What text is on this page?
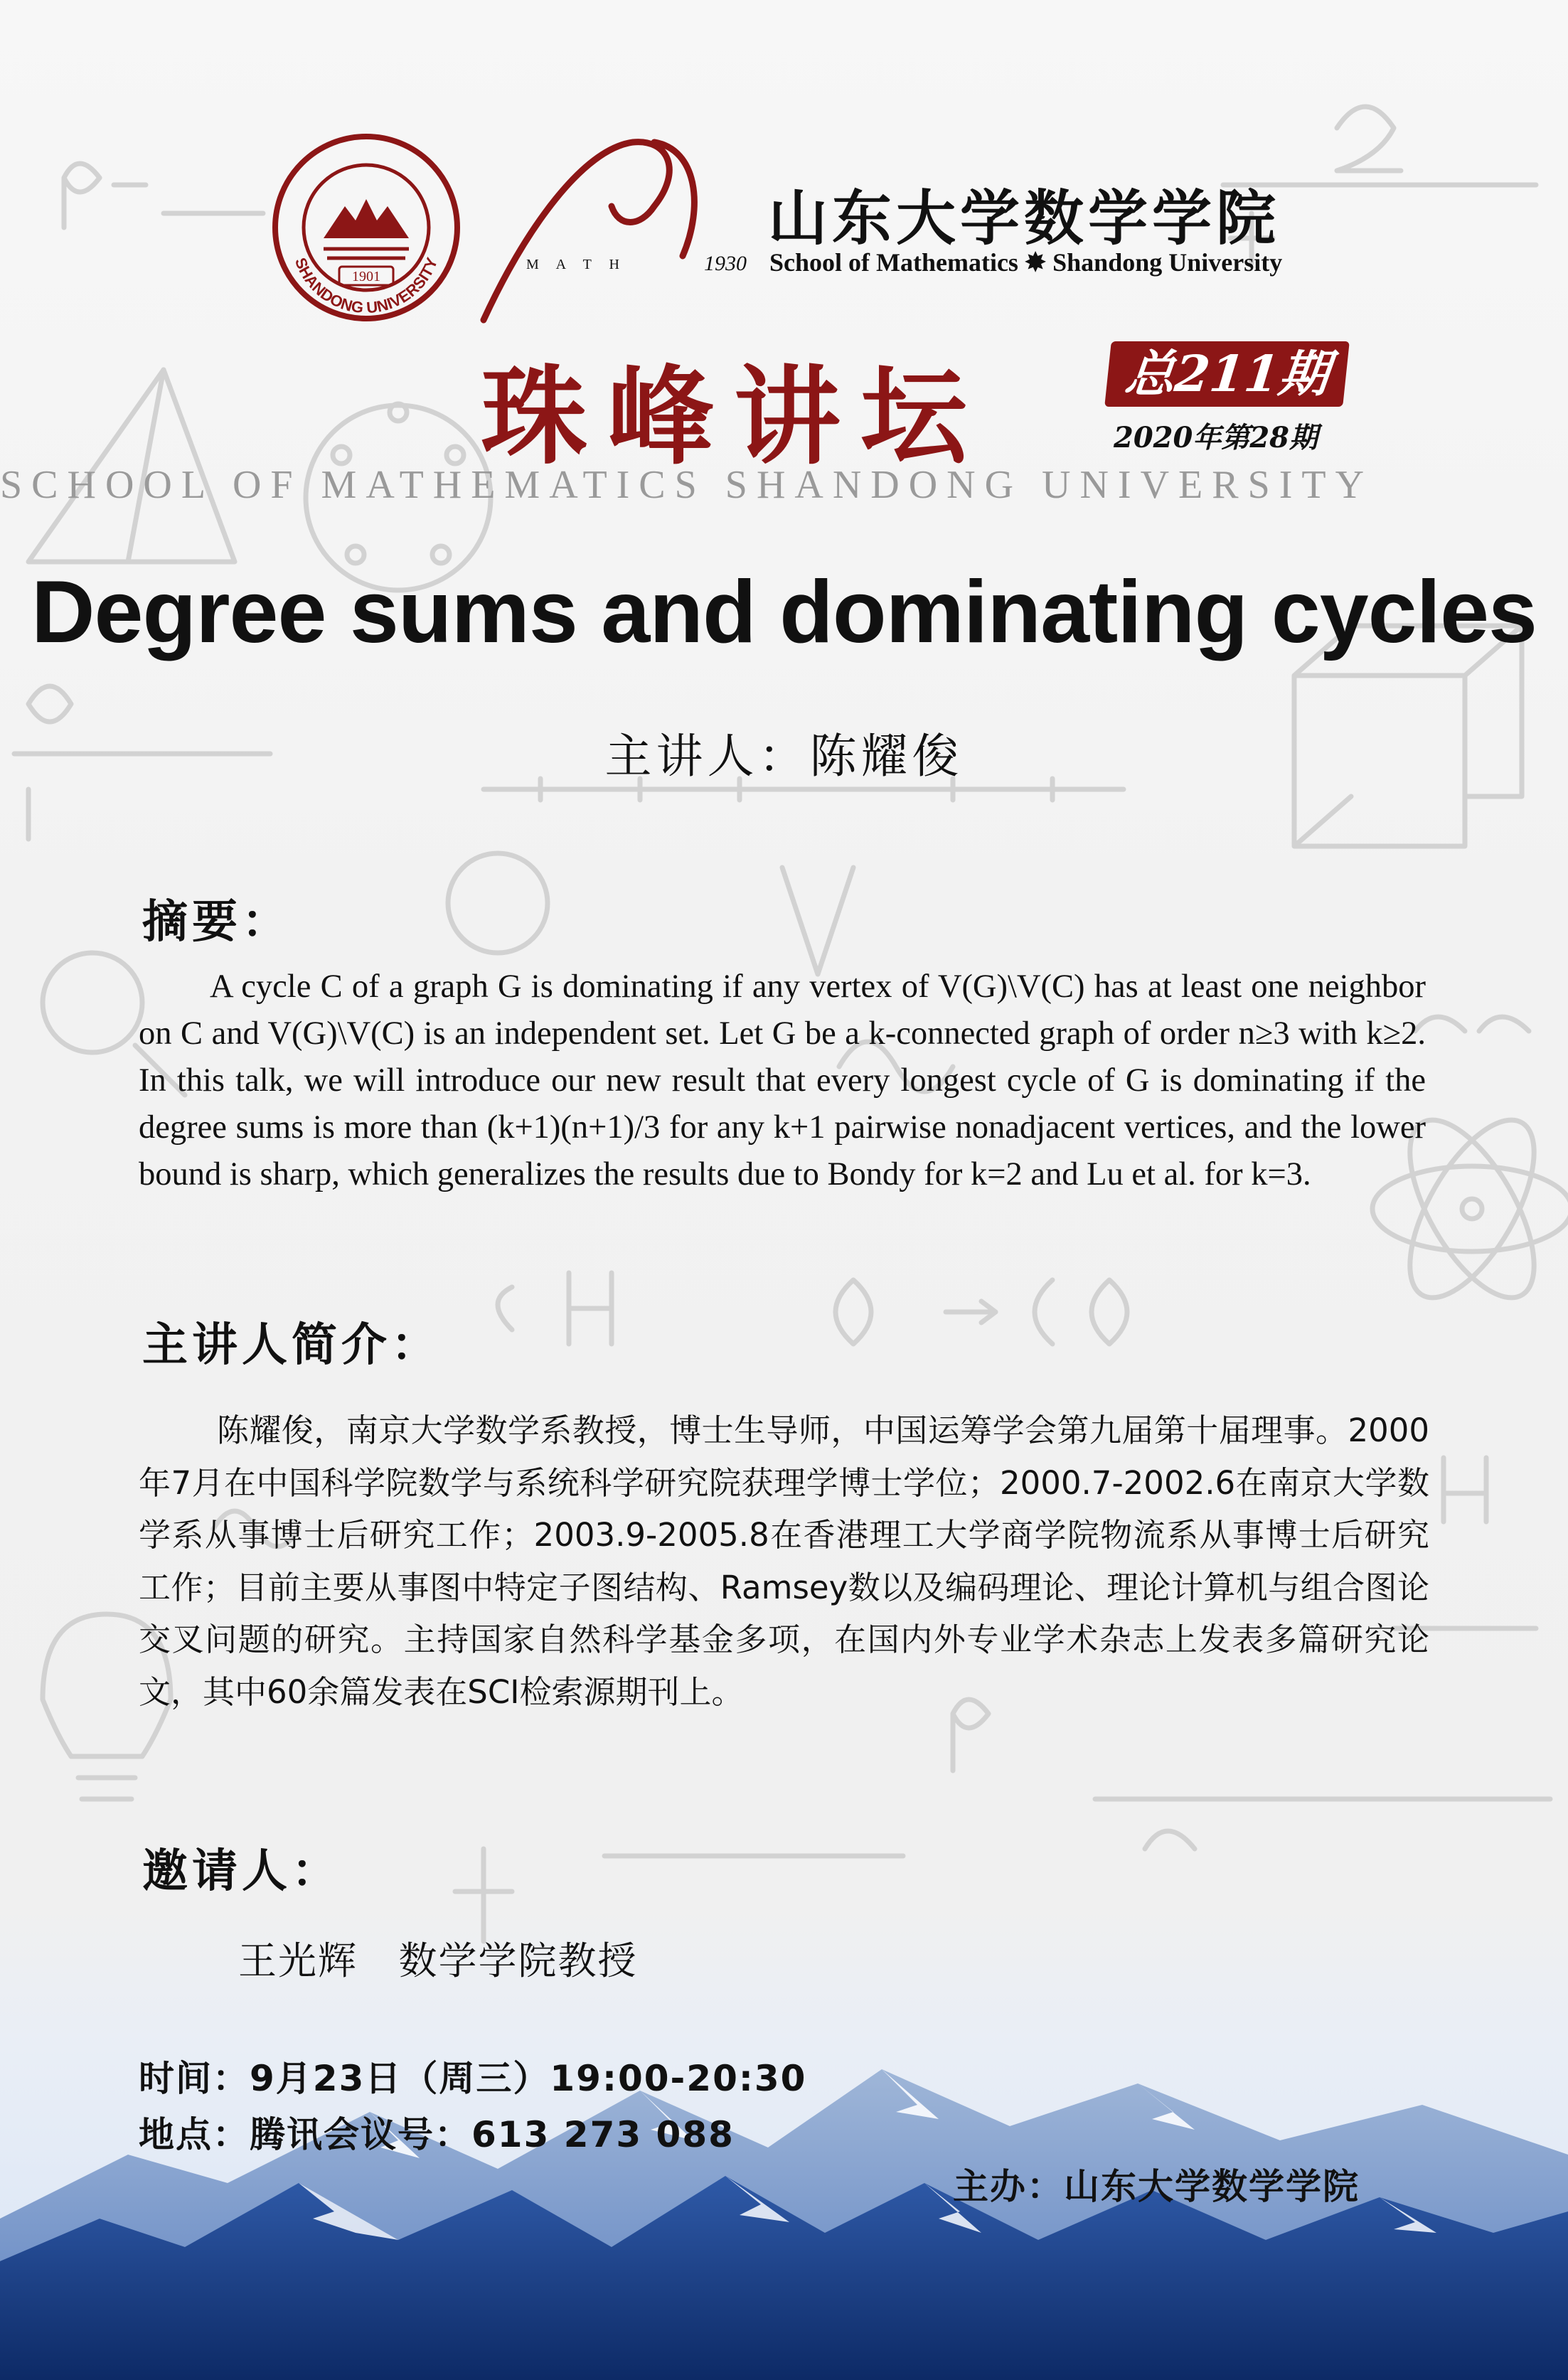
1901
SHANDONG UNIVERSITY	M A T H	1930
山东大学数学学院
School of Mathematics ✸ Shandong University
珠峰讲坛	总211期
2020年第28期
SCHOOL OF MATHEMATICS SHANDONG UNIVERSITY
Degree sums and dominating cycles
主讲人：陈耀俊
摘要：

A cycle C of a graph G is dominating if any vertex of V(G)\V(C) has at least one neighbor on C and V(G)\V(C) is an independent set. Let G be a k-connected graph of order n≥3 with k≥2. In this talk, we will introduce our new result that every longest cycle of G is dominating if the degree sums is more than (k+1)(n+1)/3 for any k+1 pairwise nonadjacent vertices, and the lower bound is sharp, which generalizes the results due to Bondy for k=2 and Lu et al. for k=3.

主讲人简介：

陈耀俊，南京大学数学系教授，博士生导师，中国运筹学会第九届第十届理事。2000年7月在中国科学院数学与系统科学研究院获理学博士学位；2000.7-2002.6在南京大学数学系从事博士后研究工作；2003.9-2005.8在香港理工大学商学院物流系从事博士后研究工作；目前主要从事图中特定子图结构、Ramsey数以及编码理论、理论计算机与组合图论交叉问题的研究。主持国家自然科学基金多项，在国内外专业学术杂志上发表多篇研究论文，其中60余篇发表在SCI检索源期刊上。

邀请人：
王光辉   数学学院教授
时间：9月23日（周三）19:00-20:30
地点：腾讯会议号：613 273 088
主办：山东大学数学学院
